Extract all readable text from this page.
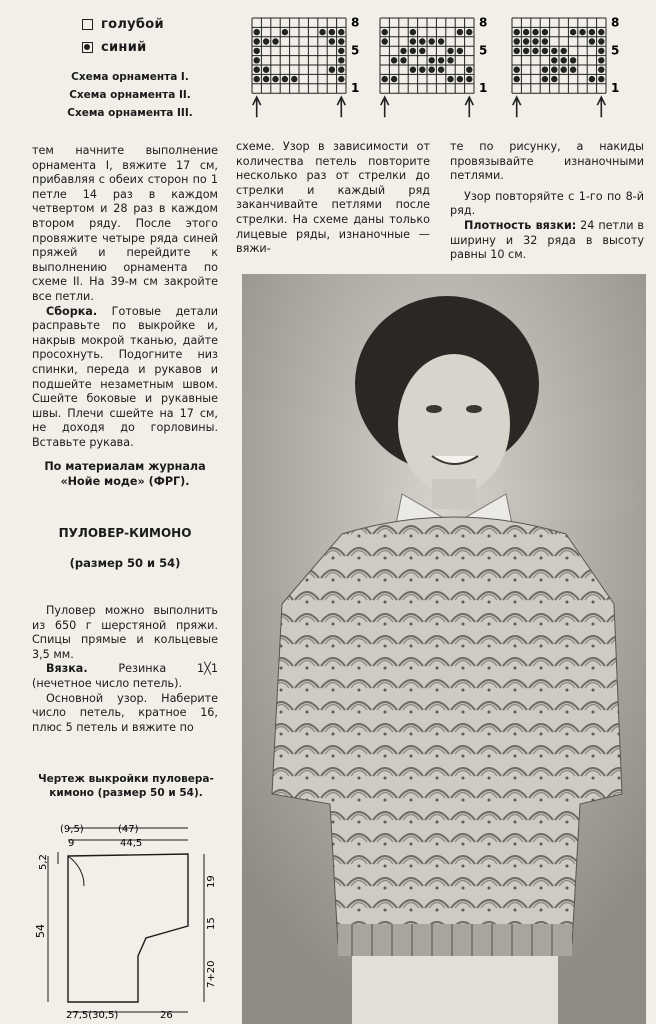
голубой
синий
Схема орнамента I.
Схема орнамента II.
Схема орнамента III.
8
5
1
8
5
1
8
5
1

тем начните выполнение орнамента I, вяжите 17 см, прибавляя с обеих сторон по 1 петле 14 раз в каждом четвертом и 28 раз в каждом втором ряду. После этого провяжите четыре ряда синей пряжей и перейдите к выполнению орнамента по схеме II. На 39-м см закройте все петли.

Сборка. Готовые детали расправьте по выкройке и, накрыв мокрой тканью, дайте просохнуть. Подогните низ спинки, переда и рукавов и подшейте незаметным швом. Сшейте боковые и рукавные швы. Плечи сшейте на 17 см, не доходя до горловины. Вставьте рукава.

По материалам журнала «Нойе моде» (ФРГ).

ПУЛОВЕР-КИМОНО
(размер 50 и 54)

Пуловер можно выполнить из 650 г шерстяной пряжи. Спицы прямые и кольцевые 3,5 мм.

Вязка. Резинка 1╳1 (нечетное число петель).

Основной узор. Наберите число петель, кратное 16, плюс 5 петель и вяжите по

Чертеж выкройки пуловера-кимоно (размер 50 и 54).
(9,5)	(47)
9	44,5
5,2
54
19
15
7+20
27,5(30,5)	26

схеме. Узор в зависимости от количества петель повторите несколько раз от стрелки до стрелки и каждый ряд заканчивайте петлями после стрелки. На схеме даны только лицевые ряды, изнаночные — вяжи-

те по рисунку, а накиды провязывайте изнаночными петлями.

Узор повторяйте с 1-го по 8-й ряд.

Плотность вязки: 24 петли в ширину и 32 ряда в высоту равны 10 см.
